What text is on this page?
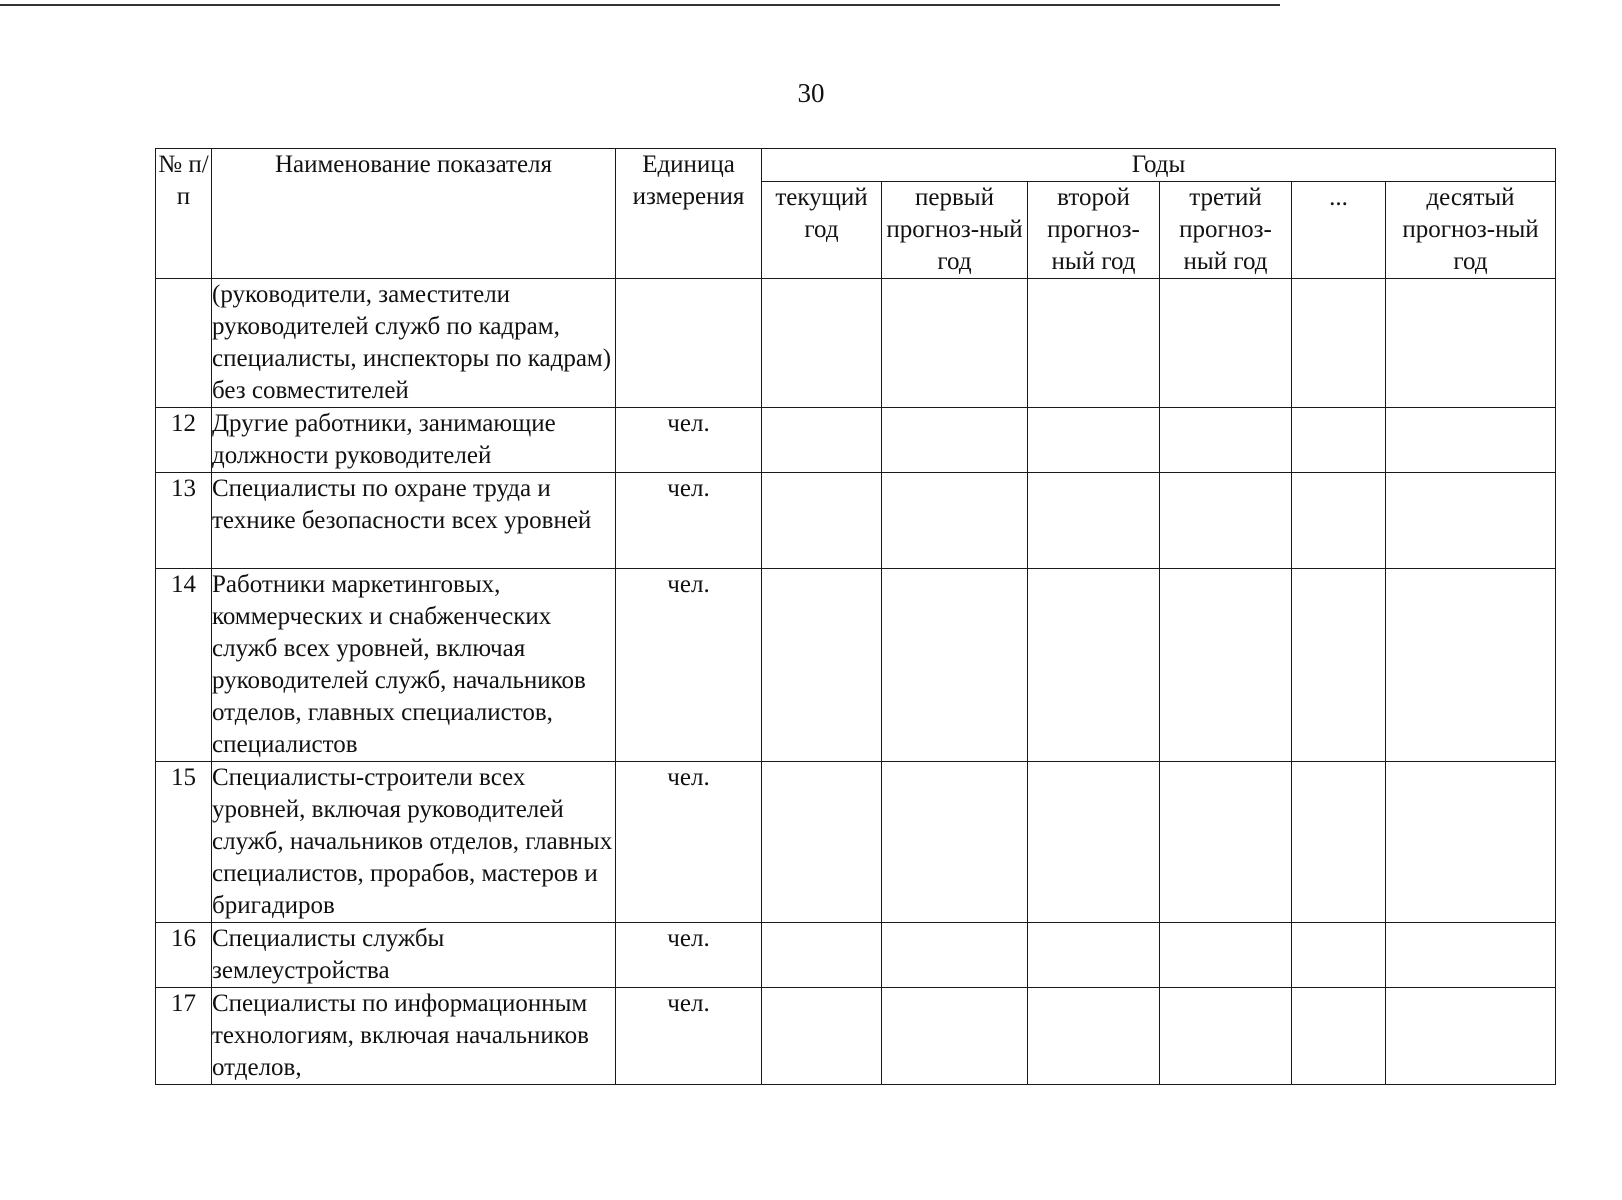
30
№ п/п	Наименование показателя	Единица измерения	Годы					
			текущий год	первый прогноз-ный год	второй прогноз-ный год	третий прогноз-ный год	...	десятый прогноз-ный год
	(руководители, заместители руководителей служб по кадрам, специалисты, инспекторы по кадрам) без совместителей							
12	Другие работники, занимающие должности руководителей	чел.						
13	Специалисты по охране труда и технике безопасности всех уровней	чел.						
14	Работники маркетинговых, коммерческих и снабженческих служб всех уровней, включая руководителей служб, начальников отделов, главных специалистов, специалистов	чел.						
15	Специалисты-строители всех уровней, включая руководителей служб, начальников отделов, главных специалистов, прорабов, мастеров и бригадиров	чел.						
16	Специалисты службы землеустройства	чел.						
17	Специалисты по информационным технологиям, включая начальников отделов,	чел.						
